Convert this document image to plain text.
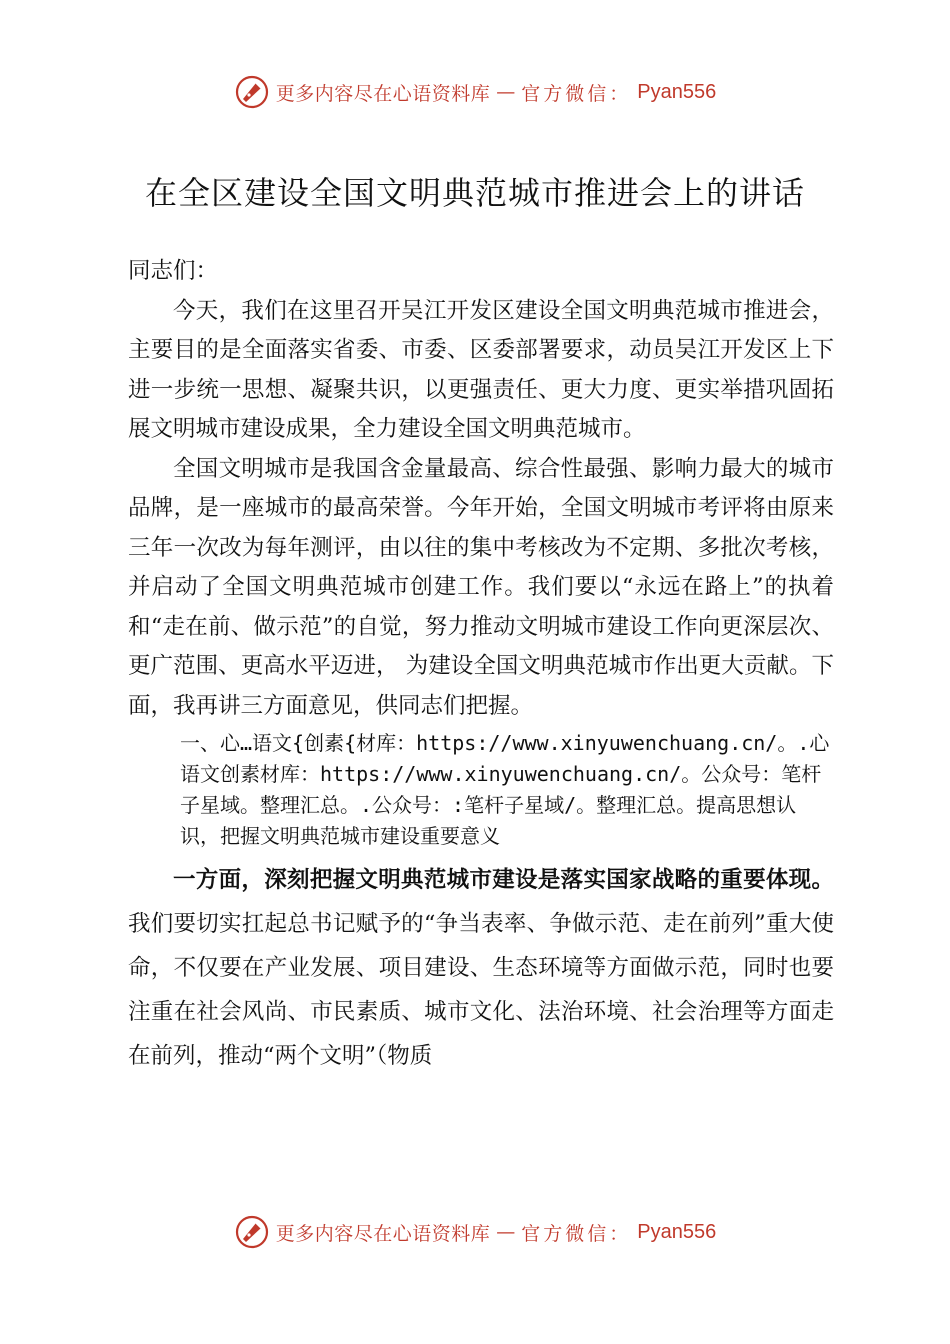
更多内容尽在心语资料库 — 官方微信： Pyan556
在全区建设全国文明典范城市推进会上的讲话

同志们：

今天，我们在这里召开吴江开发区建设全国文明典范城市推进会，主要目的是全面落实省委、市委、区委部署要求，动员吴江开发区上下进一步统一思想、凝聚共识，以更强责任、更大力度、更实举措巩固拓展文明城市建设成果，全力建设全国文明典范城市。

全国文明城市是我国含金量最高、综合性最强、影响力最大的城市品牌，是一座城市的最高荣誉。今年开始，全国文明城市考评将由原来三年一次改为每年测评，由以往的集中考核改为不定期、多批次考核，并启动了全国文明典范城市创建工作。我们要以“永远在路上”的执着和“走在前、做示范”的自觉，努力推动文明城市建设工作向更深层次、更广范围、更高水平迈进， 为建设全国文明典范城市作出更大贡献。下面，我再讲三方面意见，供同志们把握。

一、心…语文{创素{材库：https://www.xinyuwenchuang.cn/。.心语文创素材库：https://www.xinyuwenchuang.cn/。公众号：笔杆子星域。整理汇总。.公众号：:笔杆子星域/。整理汇总。提高思想认识，把握文明典范城市建设重要意义

一方面，深刻把握文明典范城市建设是落实国家战略的重要体现。我们要切实扛起总书记赋予的“争当表率、争做示范、走在前列”重大使命，不仅要在产业发展、项目建设、生态环境等方面做示范，同时也要注重在社会风尚、市民素质、城市文化、法治环境、社会治理等方面走在前列，推动“两个文明”（物质

更多内容尽在心语资料库 — 官方微信： Pyan556
